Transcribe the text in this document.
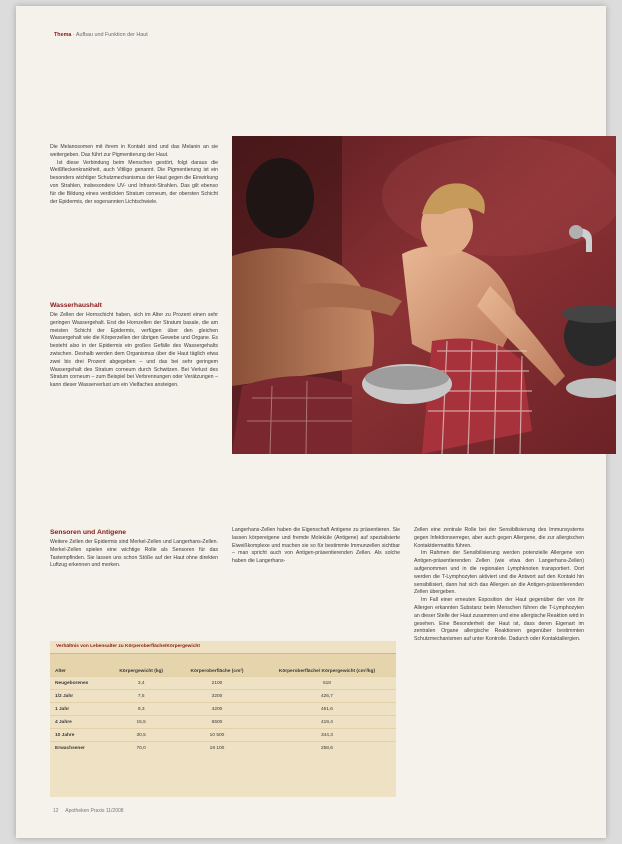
Thema · Aufbau und Funktion der Haut

Die Melanosomen mit ihrem in Kontakt sind und das Melanin an sie weitergeben. Das führt zur Pigmentierung der Haut.

Ist diese Verbindung beim Menschen gestört, folgt daraus die Weißfleckenkrankheit, auch Vitiligo genannt. Die Pigmentierung ist ein besonders wichtiger Schutzmechanismus der Haut gegen die Einwirkung von Strahlen, insbesondere UV- und Infrarot-Strahlen. Das gilt ebenso für die Bildung eines verdickten Stratum corneum, der obersten Schicht der Epidermis, der sogenannten Lichtschwiele.

Wasserhaushalt

Die Zellen der Hornschicht haben, sich im Alter zu Prozent einen sehr geringen Wassergehalt. Erst die Hornzellen der Stratum basale, die am meisten Schicht der Epidermis, verfügen über den gleichen Wassergehalt wie die Körperzellen der übrigen Gewebe und Organe. Es besteht also in der Epidermis ein großes Gefälle des Wassergehalts zwischen. Deshalb werden dem Organismus über die Haut täglich etwa zwei bis drei Prozent abgegeben – und das bei sehr geringem Wassergehalt des Stratum corneum durch Schwitzen. Bei Verlust des Stratum corneum – zum Beispiel bei Verbrennungen oder Verätzungen – kann dieser Wasserverlust um ein Vielfaches ansteigen.

Sensoren und Antigene

Weitere Zellen der Epidermis sind Merkel-Zellen und Langerhans-Zellen. Merkel-Zellen spielen eine wichtige Rolle als Sensoren für das Tastempfinden. Sie lassen uns schon Stöße auf der Haut ohne direkten Luftzug erkennen und merken.

Langerhans-Zellen haben die Eigenschaft Antigene zu präsentieren. Sie lassen körpereigene und fremde Moleküle (Antigene) auf spezialisierte Eiweißkomplexe und machen sie so für bestimmte Immunzellen sichtbar – man spricht auch von Antigen-präsentierenden Zellen. Als solche haben die Langerhans-

Zellen eine zentrale Rolle bei der Sensibilisierung des Immunsystems gegen Infektionserreger, aber auch gegen Allergene, die zur allergischen Kontaktdermatitis führen.

Im Rahmen der Sensibilisierung werden potenzielle Allergene von Antigen-präsentierenden Zellen (wie etwa den Langerhans-Zellen) aufgenommen und in die regionalen Lymphknoten transportiert. Dort werden die T-Lymphozyten aktiviert und die Antwort auf den Kontakt hin sensibilisiert, dann hat sich das Allergen an die Antigen-präsentierenden Zellen übergeben.

Im Fall einer erneuten Exposition der Haut gegenüber der von ihr Allergen erkannten Substanz beim Menschen führen die T-Lymphozyten an dieser Stelle der Haut zusammen und eine allergische Reaktion wird in gesehen. Eine Besonderheit der Haut ist, dass deren Eigenart im zentralen Organe allergische Reaktionen gegenüber bestimmten Schutzmechanismen auf unter Kontrolle. Dadurch oder Kontaktallergien.

Verhältnis von Lebensalter zu Körperoberfläche/Körpergewicht
Alter	Körpergewicht (kg)	Körperoberfläche (cm²)	Körperoberfläche/ Körpergewicht (cm²/kg)
Neugeborenes	3,4	2100	618
1/2 Jahr	7,5	3200	426,7
1 Jahr	9,3	4200	451,6
4 Jahre	15,5	6500	419,4
10 Jahre	30,5	10 500	344,3
Erwachsener	70,0	18 100	258,6
12 Apotheken Praxis 11/2008
